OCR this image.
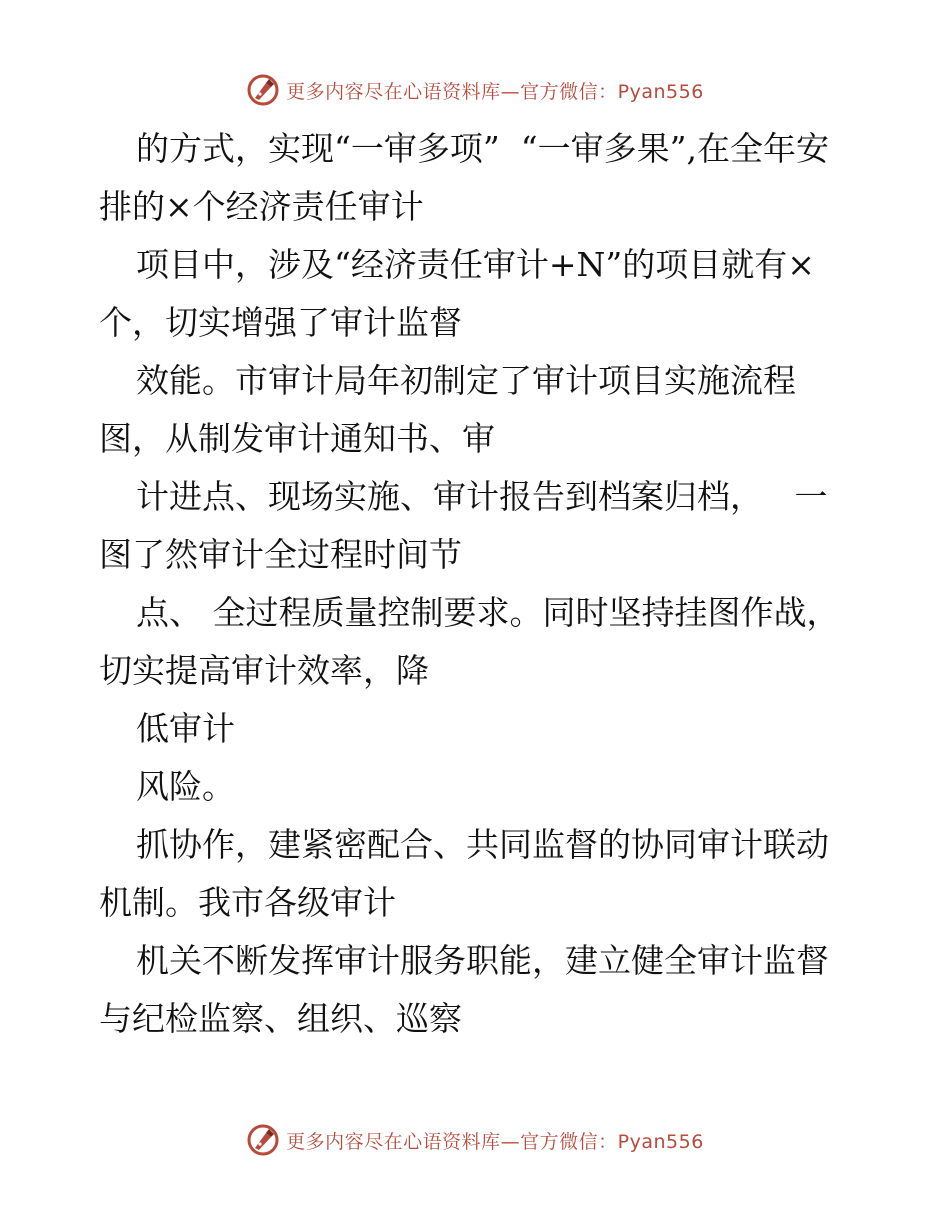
更多内容尽在心语资料库—官方微信：Pyan556

的方式，实现“一审多项”  “一审多果”,在全年安排的×个经济责任审计

项目中，涉及“经济责任审计+N”的项目就有×个，切实增强了审计监督

效能。市审计局年初制定了审计项目实施流程图，从制发审计通知书、审

计进点、现场实施、审计报告到档案归档，   一图了然审计全过程时间节

点、 全过程质量控制要求。同时坚持挂图作战，切实提高审计效率，降

低审计

风险。

抓协作，建紧密配合、共同监督的协同审计联动机制。我市各级审计

机关不断发挥审计服务职能，建立健全审计监督与纪检监察、组织、巡察

更多内容尽在心语资料库—官方微信：Pyan556
